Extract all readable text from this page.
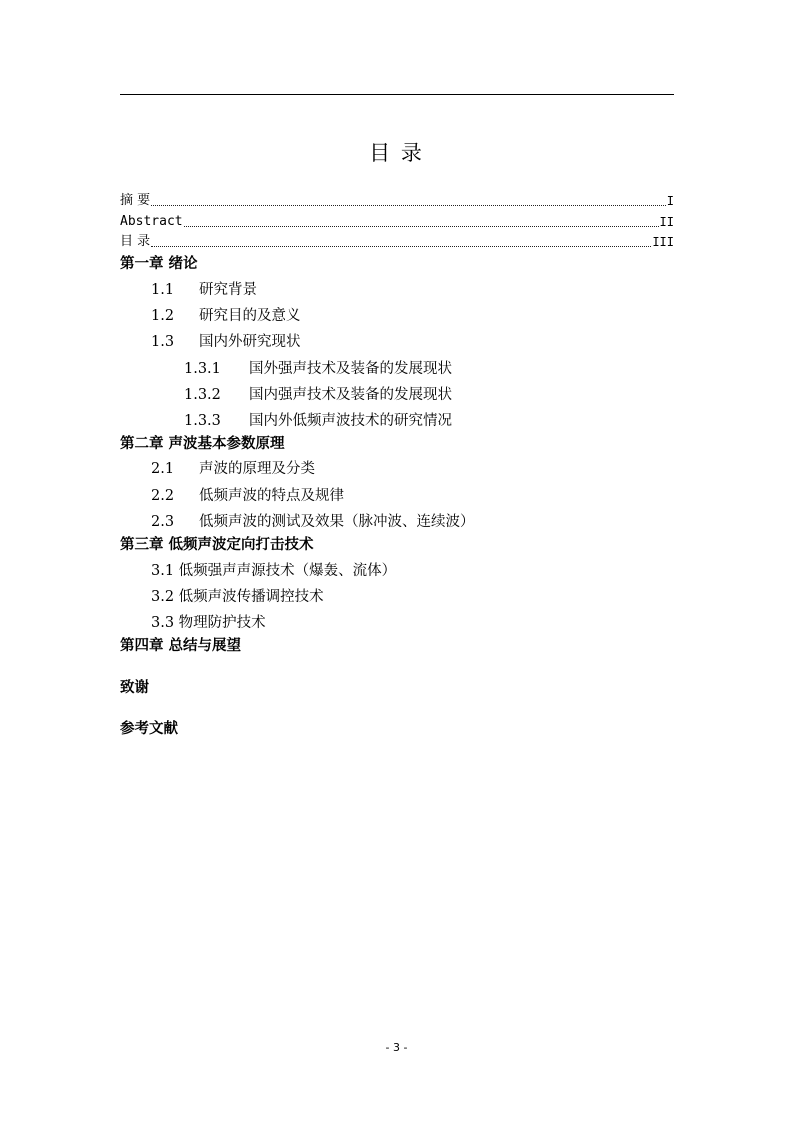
目 录
摘 要	I
Abstract	II
目 录	III
第一章 绪论
1.1 研究背景
1.2 研究目的及意义
1.3 国内外研究现状
1.3.1 国外强声技术及装备的发展现状
1.3.2 国内强声技术及装备的发展现状
1.3.3 国内外低频声波技术的研究情况
第二章 声波基本参数原理
2.1 声波的原理及分类
2.2 低频声波的特点及规律
2.3 低频声波的测试及效果（脉冲波、连续波）
第三章 低频声波定向打击技术
3.1 低频强声声源技术（爆轰、流体）
3.2 低频声波传播调控技术
3.3 物理防护技术
第四章 总结与展望
致谢
参考文献
- 3 -
